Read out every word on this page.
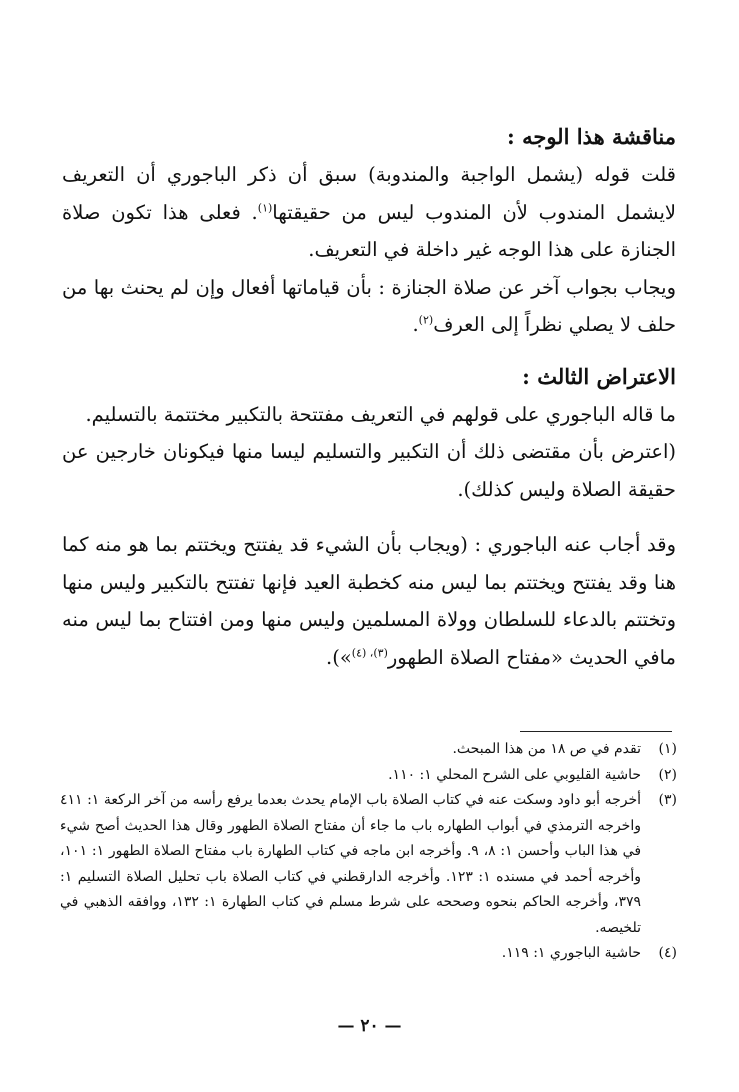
مناقشة هذا الوجه :

قلت قوله (يشمل الواجبة والمندوبة) سبق أن ذكر الباجوري أن التعريف لايشمل المندوب لأن المندوب ليس من حقيقتها$^{(١)}$. فعلى هذا تكون صلاة الجنازة على هذا الوجه غير داخلة في التعريف.

ويجاب بجواب آخر عن صلاة الجنازة : بأن قياماتها أفعال وإن لم يحنث بها من حلف لا يصلي نظراً إلى العرف$^{(٢)}$.

الاعتراض الثالث :

ما قاله الباجوري على قولهم في التعريف مفتتحة بالتكبير مختتمة بالتسليم.

(اعترض بأن مقتضى ذلك أن التكبير والتسليم ليسا منها فيكونان خارجين عن حقيقة الصلاة وليس كذلك).

وقد أجاب عنه الباجوري : (ويجاب بأن الشيء قد يفتتح ويختتم بما هو منه كما هنا وقد يفتتح ويختتم بما ليس منه كخطبة العيد فإنها تفتتح بالتكبير وليس منها وتختتم بالدعاء للسلطان وولاة المسلمين وليس منها ومن افتتاح بما ليس منه مافي الحديث «مفتاح الصلاة الطهور$^{(٣)، (٤)}$»).

(١)
تقدم في ص ١٨ من هذا المبحث.
(٢)
حاشية القليوبي على الشرح المحلي ١: ١١٠.
(٣)
أخرجه أبو داود وسكت عنه في كتاب الصلاة باب الإمام يحدث بعدما يرفع رأسه من آخر الركعة ١: ٤١١ واخرجه الترمذي في أبواب الطهاره باب ما جاء أن مفتاح الصلاة الطهور وقال هذا الحديث أصح شيء في هذا الباب وأحسن ١: ٨، ٩. وأخرجه ابن ماجه في كتاب الطهارة باب مفتاح الصلاة الطهور ١: ١٠١، وأخرجه أحمد في مسنده ١: ١٢٣. وأخرجه الدارقطني في كتاب الصلاة باب تحليل الصلاة التسليم ١: ٣٧٩، وأخرجه الحاكم بنحوه وصححه على شرط مسلم في كتاب الطهارة ١: ١٣٢، ووافقه الذهبي في تلخيصه.
(٤)
حاشية الباجوري ١: ١١٩.
— ٢٠ —
